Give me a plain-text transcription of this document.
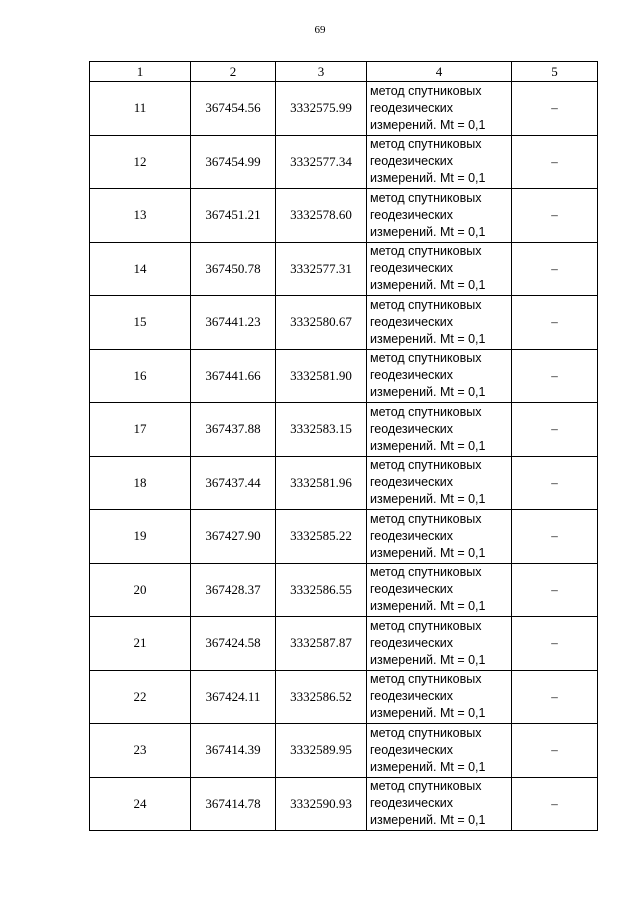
69
1	2	3	4	5
11	367454.56	3332575.99	метод спутниковых
геодезических
измерений. Mt = 0,1	–
12	367454.99	3332577.34	метод спутниковых
геодезических
измерений. Mt = 0,1	–
13	367451.21	3332578.60	метод спутниковых
геодезических
измерений. Mt = 0,1	–
14	367450.78	3332577.31	метод спутниковых
геодезических
измерений. Mt = 0,1	–
15	367441.23	3332580.67	метод спутниковых
геодезических
измерений. Mt = 0,1	–
16	367441.66	3332581.90	метод спутниковых
геодезических
измерений. Mt = 0,1	–
17	367437.88	3332583.15	метод спутниковых
геодезических
измерений. Mt = 0,1	–
18	367437.44	3332581.96	метод спутниковых
геодезических
измерений. Mt = 0,1	–
19	367427.90	3332585.22	метод спутниковых
геодезических
измерений. Mt = 0,1	–
20	367428.37	3332586.55	метод спутниковых
геодезических
измерений. Mt = 0,1	–
21	367424.58	3332587.87	метод спутниковых
геодезических
измерений. Mt = 0,1	–
22	367424.11	3332586.52	метод спутниковых
геодезических
измерений. Mt = 0,1	–
23	367414.39	3332589.95	метод спутниковых
геодезических
измерений. Mt = 0,1	–
24	367414.78	3332590.93	метод спутниковых
геодезических
измерений. Mt = 0,1	–
